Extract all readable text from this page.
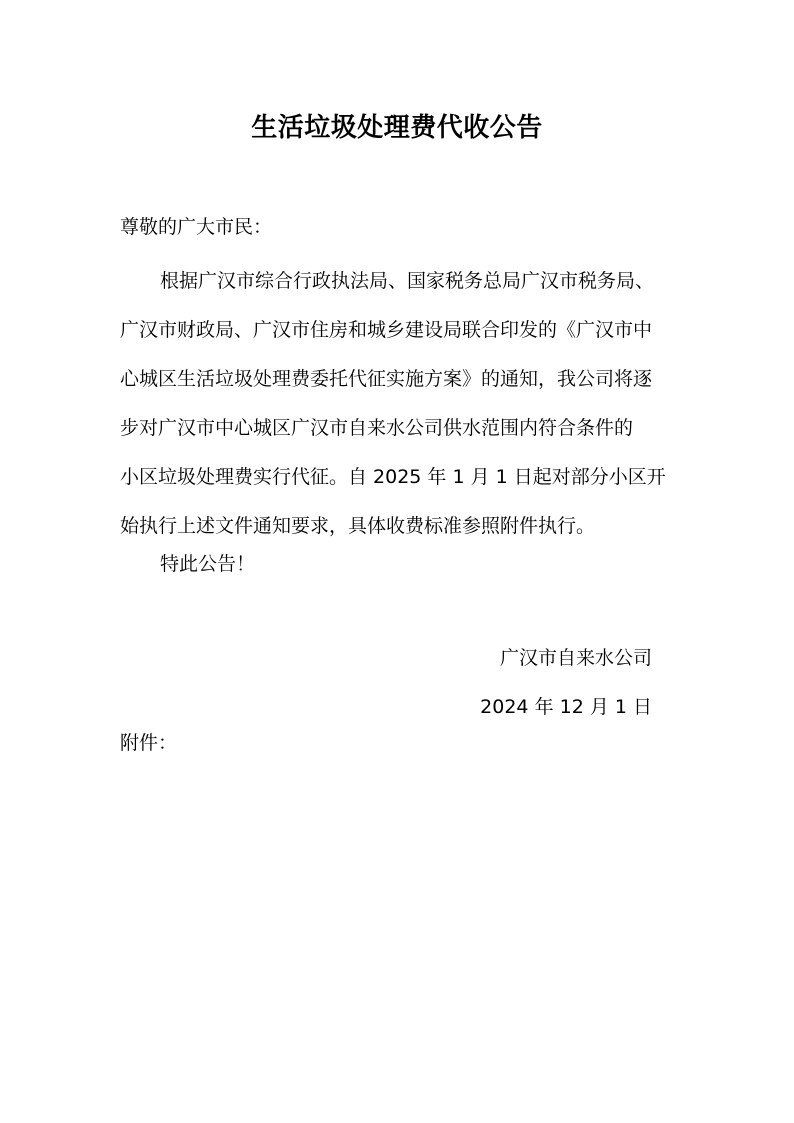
生活垃圾处理费代收公告
尊敬的广大市民：
根据广汉市综合行政执法局、国家税务总局广汉市税务局、
广汉市财政局、广汉市住房和城乡建设局联合印发的《广汉市中
心城区生活垃圾处理费委托代征实施方案》的通知，我公司将逐
步对广汉市中心城区广汉市自来水公司供水范围内符合条件的
小区垃圾处理费实行代征。自 2025 年 1 月 1 日起对部分小区开
始执行上述文件通知要求，具体收费标准参照附件执行。
特此公告！
广汉市自来水公司
2024 年 12 月 1 日
附件：
